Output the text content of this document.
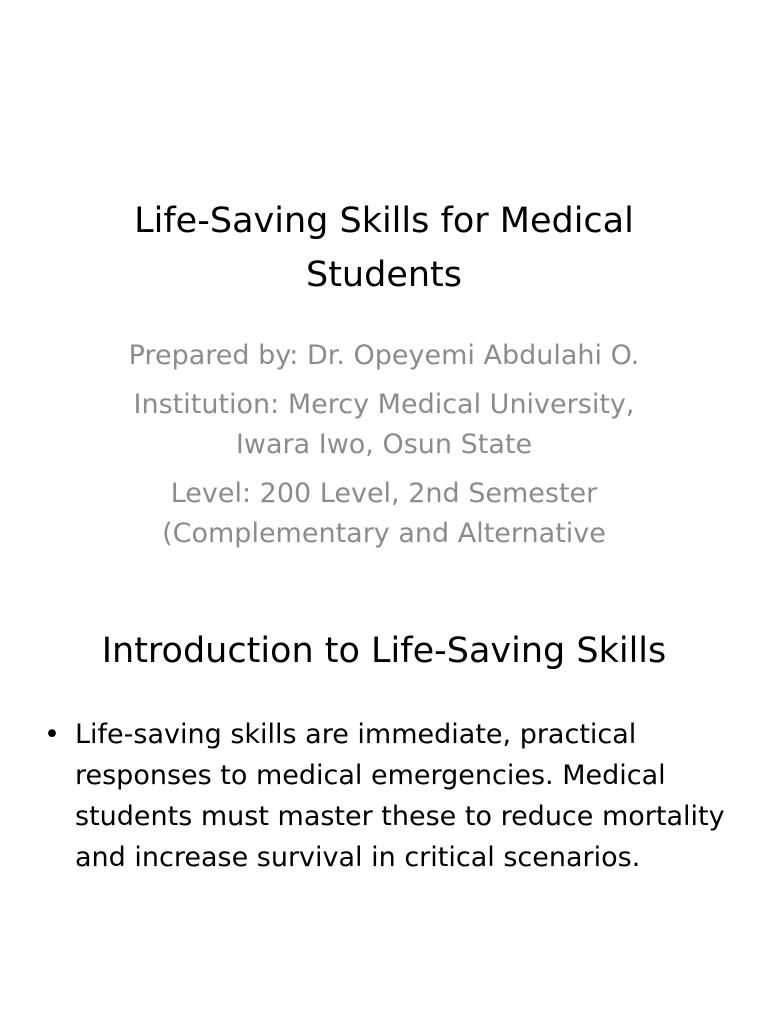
Life-Saving Skills for Medical Students

Prepared by: Dr. Opeyemi Abdulahi O.

Institution: Mercy Medical University, Iwara Iwo, Osun State

Level: 200 Level, 2nd Semester (Complementary and Alternative

Introduction to Life-Saving Skills
• Life-saving skills are immediate, practical responses to medical emergencies. Medical students must master these to reduce mortality and increase survival in critical scenarios.
